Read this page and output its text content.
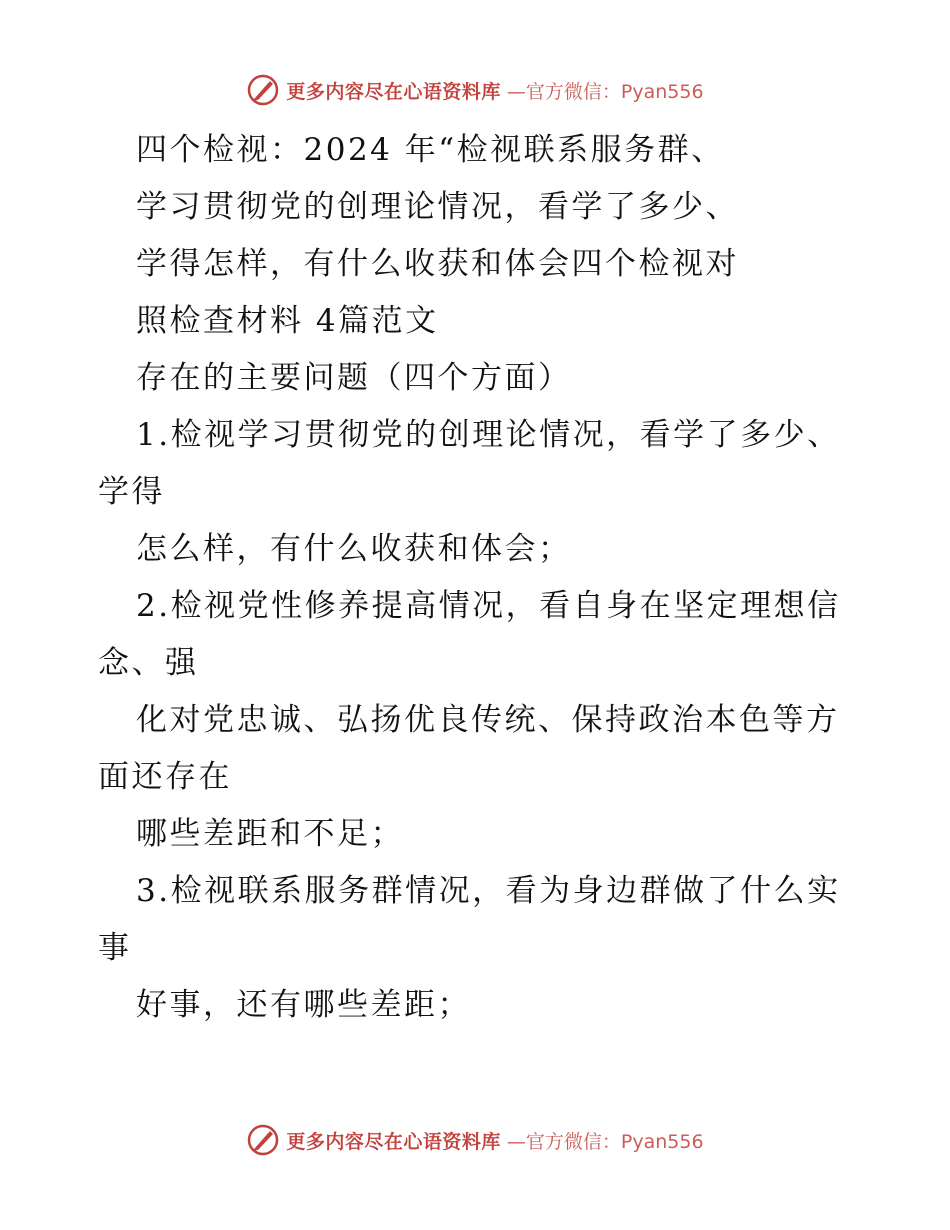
更多内容尽在心语资料库 —官方微信：Pyan556
四个检视：2024 年“检视联系服务群、
学习贯彻党的创理论情况，看学了多少、
学得怎样，有什么收获和体会四个检视对
照检查材料 4篇范文
存在的主要问题（四个方面）
1.检视学习贯彻党的创理论情况，看学了多少、
学得
怎么样，有什么收获和体会；
2.检视党性修养提高情况，看自身在坚定理想信
念、强
化对党忠诚、弘扬优良传统、保持政治本色等方
面还存在
哪些差距和不足；
3.检视联系服务群情况，看为身边群做了什么实
事
好事，还有哪些差距；
更多内容尽在心语资料库 —官方微信：Pyan556
